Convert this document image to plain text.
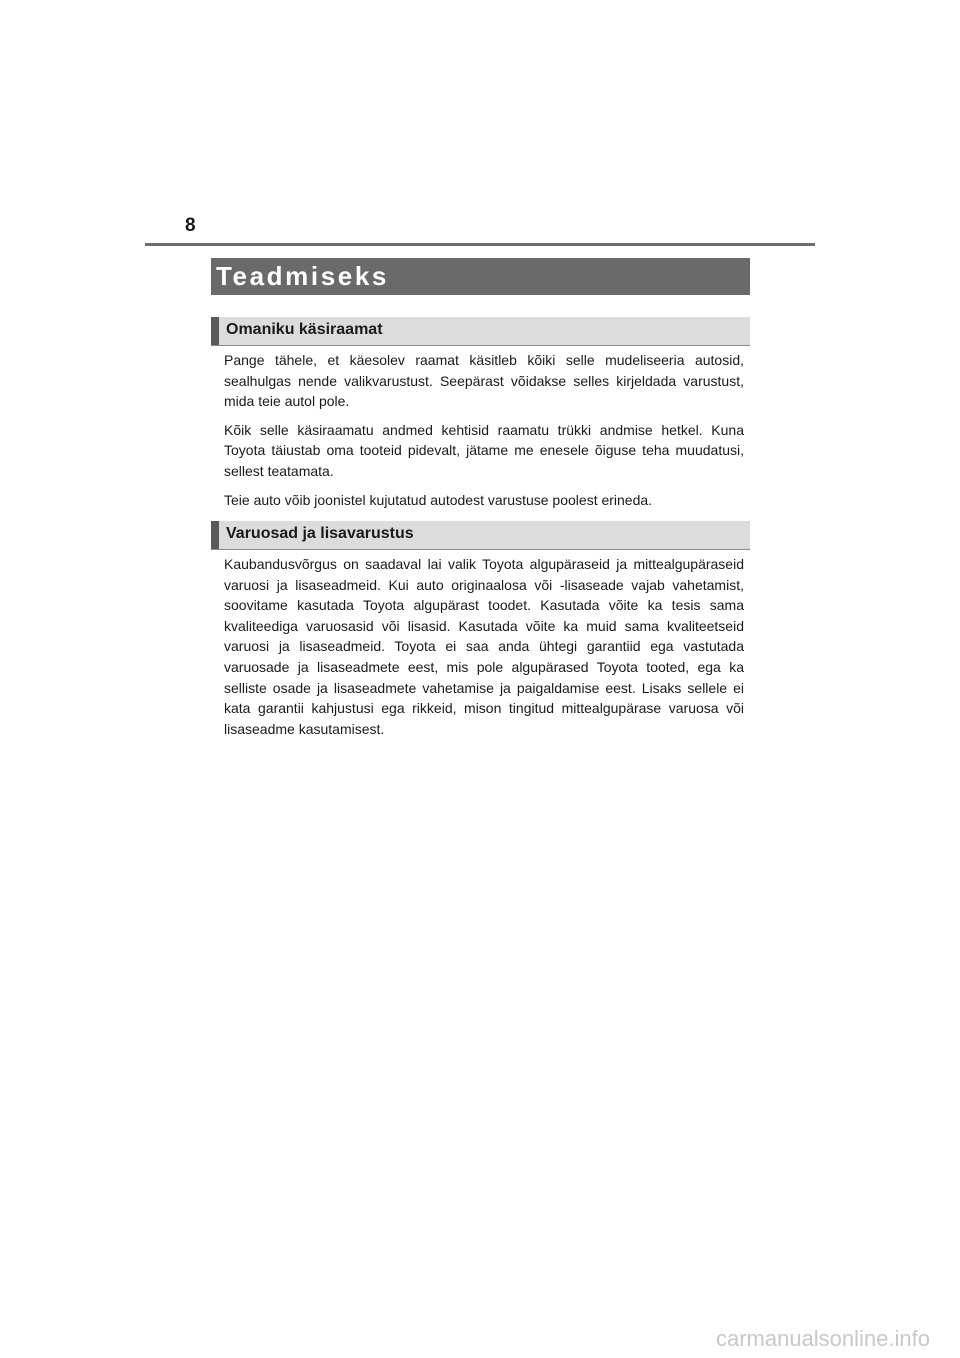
8
Teadmiseks
Omaniku käsiraamat

Pange tähele, et käesolev raamat käsitleb kõiki selle mudeliseeria autosid, sealhulgas nende valikvarustust. Seepärast võidakse selles kirjeldada varustust, mida teie autol pole.

Kõik selle käsiraamatu andmed kehtisid raamatu trükki andmise hetkel. Kuna Toyota täiustab oma tooteid pidevalt, jätame me enesele õiguse teha muudatusi, sellest teatamata.

Teie auto võib joonistel kujutatud autodest varustuse poolest erineda.

Varuosad ja lisavarustus

Kaubandusvõrgus on saadaval lai valik Toyota algupäraseid ja mittealgupäraseid varuosi ja lisaseadmeid. Kui auto originaalosa või -lisaseade vajab vahetamist, soovitame kasutada Toyota algupärast toodet. Kasutada võite ka tesis sama kvaliteediga varuosasid või lisasid. Kasutada võite ka muid sama kvaliteetseid varuosi ja lisaseadmeid. Toyota ei saa anda ühtegi garantiid ega vastutada varuosade ja lisaseadmete eest, mis pole algupärased Toyota tooted, ega ka selliste osade ja lisaseadmete vahetamise ja paigaldamise eest. Lisaks sellele ei kata garantii kahjustusi ega rikkeid, mison tingitud mittealgupärase varuosa või lisaseadme kasutamisest.

carmanualsonline.info
